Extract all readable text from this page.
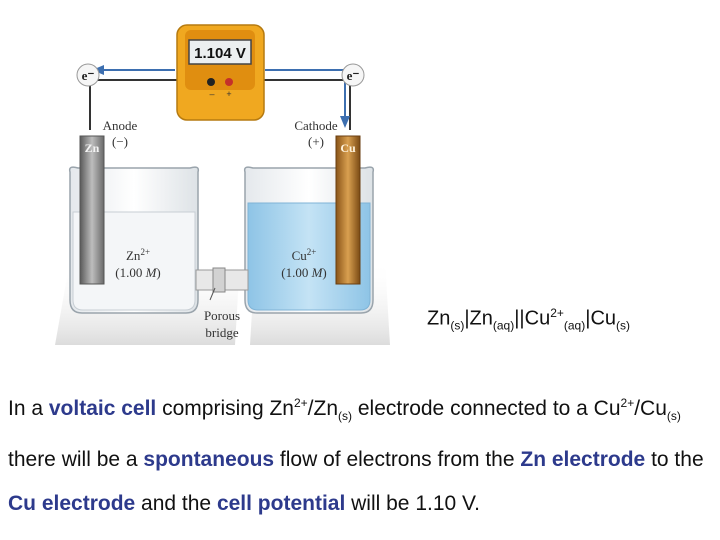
e⁻	e⁻
1.104 V
– +
Zn	Cu
Anode
(−)
Cathode
(+)
$Zn^{2+}$
(1.00 M)
$Cu^{2+}$
(1.00 M)
Porous
bridge
$Zn_{(s)}|Zn_{(aq)}||Cu^{2+}_{(aq)}|Cu_{(s)}$
In a voltaic cell comprising $Zn^{2+}/Zn_{(s)}$ electrode connected to a $Cu^{2+}/Cu_{(s)}$ there will be a spontaneous flow of electrons from the Zn electrode to the Cu electrode and the cell potential will be 1.10 V.
